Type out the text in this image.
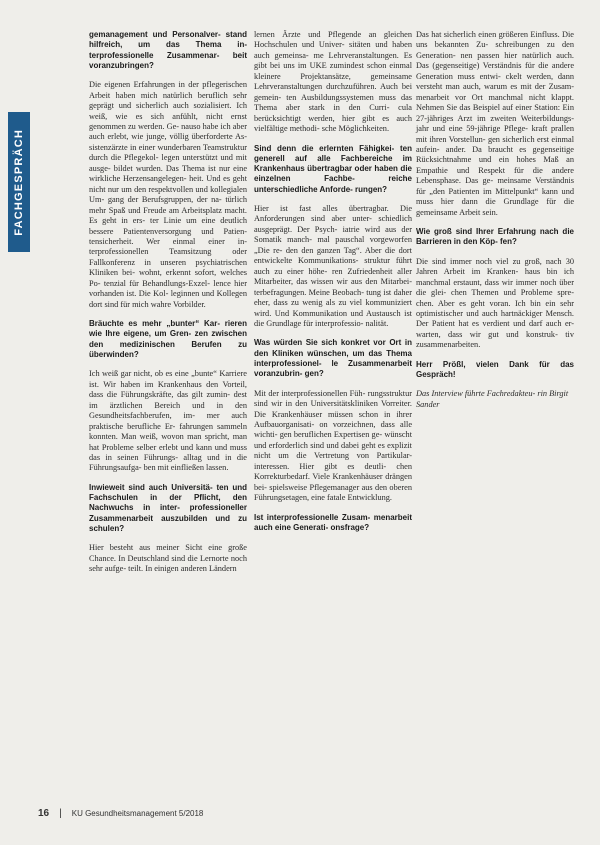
FACHGESPRÄCH

gemanagement und Personalver- stand hilfreich, um das Thema in- terprofessionelle Zusammenar- beit voranzubringen?

Die eigenen Erfahrungen in der pflegerischen Arbeit haben mich natürlich beruflich sehr geprägt und sicherlich auch sozialisiert. Ich weiß, wie es sich anfühlt, nicht ernst genommen zu werden. Ge- nauso habe ich aber auch erlebt, wie junge, völlig überforderte As- sistenzärzte in einer wunderbaren Teamstruktur durch die Pflegekol- legen unterstützt und mit ausge- bildet wurden. Das Thema ist nur eine wirkliche Herzensangelegen- heit. Und es geht nicht nur um den respektvollen und kollegialen Um- gang der Berufsgruppen, der na- türlich mehr Spaß und Freude am Arbeitsplatz macht. Es geht in ers- ter Linie um eine deutlich bessere Patientenversorgung und Patien- tensicherheit. Wer einmal einer in- terprofessionellen Teamsitzung oder Fallkonferenz in unseren psychiatrischen Kliniken bei- wohnt, erkennt sofort, welches Po- tenzial für Behandlungs-Exzel- lence hier vorhanden ist. Die Kol- leginnen und Kollegen dort sind für mich wahre Vorbilder.

Bräuchte es mehr „bunter“ Kar- rieren wie Ihre eigene, um Gren- zen zwischen den medizinischen Berufen zu überwinden?

Ich weiß gar nicht, ob es eine „bunte“ Karriere ist. Wir haben im Krankenhaus den Vorteil, dass die Führungskräfte, das gilt zumin- dest im ärztlichen Bereich und in den Gesundheitsfachberufen, im- mer auch praktische berufliche Er- fahrungen sammeln konnten. Man weiß, wovon man spricht, man hat Probleme selber erlebt und kann und muss das in seinen Führungs- alltag und in die Führungsaufga- ben mit einfließen lassen.

Inwieweit sind auch Universitä- ten und Fachschulen in der Pflicht, den Nachwuchs in inter- professioneller Zusammenarbeit auszubilden und zu schulen?

Hier besteht aus meiner Sicht eine große Chance. In Deutschland sind die Lernorte noch sehr aufge- teilt. In einigen anderen Ländern

lernen Ärzte und Pflegende an gleichen Hochschulen und Univer- sitäten und haben auch gemeinsa- me Lehrveranstaltungen. Es gibt bei uns im UKE zumindest schon einmal kleinere Projektansätze, gemeinsame Lehrveranstaltungen durchzuführen. Auch bei gemein- ten Ausbildungssystemen muss das Thema aber stark in den Curri- cula berücksichtigt werden, hier gibt es auch vielfältige methodi- sche Möglichkeiten.

Sind denn die erlernten Fähigkei- ten generell auf alle Fachbereiche im Krankenhaus übertragbar oder haben die einzelnen Fachbe- reiche unterschiedliche Anforde- rungen?

Hier ist fast alles übertragbar. Die Anforderungen sind aber unter- schiedlich ausgeprägt. Der Psych- iatrie wird aus der Somatik manch- mal pauschal vorgeworfen „Die re- den den ganzen Tag“. Aber die dort entwickelte Kommunikations- struktur führt auch zu einer höhe- ren Zufriedenheit aller Mitarbeiter, das wissen wir aus den Mitarbei- terbefragungen. Meine Beobach- tung ist daher eher, dass zu wenig als zu viel kommuniziert wird. Und Kommunikation und Austausch ist die Grundlage für interprofessio- nalität.

Was würden Sie sich konkret vor Ort in den Kliniken wünschen, um das Thema interprofessionel- le Zusammenarbeit voranzubrin- gen?

Mit der interprofessionellen Füh- rungsstruktur sind wir in den Universitätskliniken Vorreiter. Die Krankenhäuser müssen schon in ihrer Aufbauorganisati- on vorzeichnen, dass alle wichti- gen beruflichen Expertisen ge- wünscht und erforderlich sind und dabei geht es explizit nicht um die Vertretung von Partikular- interessen. Hier gibt es deutli- chen Korrekturbedarf. Viele Krankenhäuser drängen bei- spielsweise Pflegemanager aus den oberen Führungsetagen, eine fatale Entwicklung.

Ist interprofessionelle Zusam- menarbeit auch eine Generati- onsfrage?

Das hat sicherlich einen größeren Einfluss. Die uns bekannten Zu- schreibungen zu den Generation- nen passen hier natürlich auch. Das (gegenseitige) Verständnis für die andere Generation muss entwi- ckelt werden, dann versteht man auch, warum es mit der Zusam- menarbeit vor Ort manchmal nicht klappt. Nehmen Sie das Beispiel auf einer Station: Ein 27-jähriges Arzt im zweiten Weiterbildungs- jahr und eine 59-jährige Pflege- kraft prallen mit ihren Vorstellun- gen sicherlich erst einmal aufein- ander. Da braucht es gegenseitige Rücksichtnahme und ein hohes Maß an Empathie und Respekt für die andere Lebensphase. Das ge- meinsame Verständnis für „den Patienten im Mittelpunkt“ kann und muss hier dann die Grundlage für die gemeinsame Arbeit sein.

Wie groß sind Ihrer Erfahrung nach die Barrieren in den Köp- fen?

Die sind immer noch viel zu groß, nach 30 Jahren Arbeit im Kranken- haus bin ich manchmal erstaunt, dass wir immer noch über die glei- chen Themen und Probleme spre- chen. Aber es geht voran. Ich bin ein sehr optimistischer und auch hartnäckiger Mensch. Der Patient hat es verdient und darf auch er- warten, dass wir gut und konstruk- tiv zusammenarbeiten.

Herr Prößl, vielen Dank für das Gespräch!

Das Interview führte Fachredakteu- rin Birgit Sander

16 | KU Gesundheitsmanagement 5/2018
